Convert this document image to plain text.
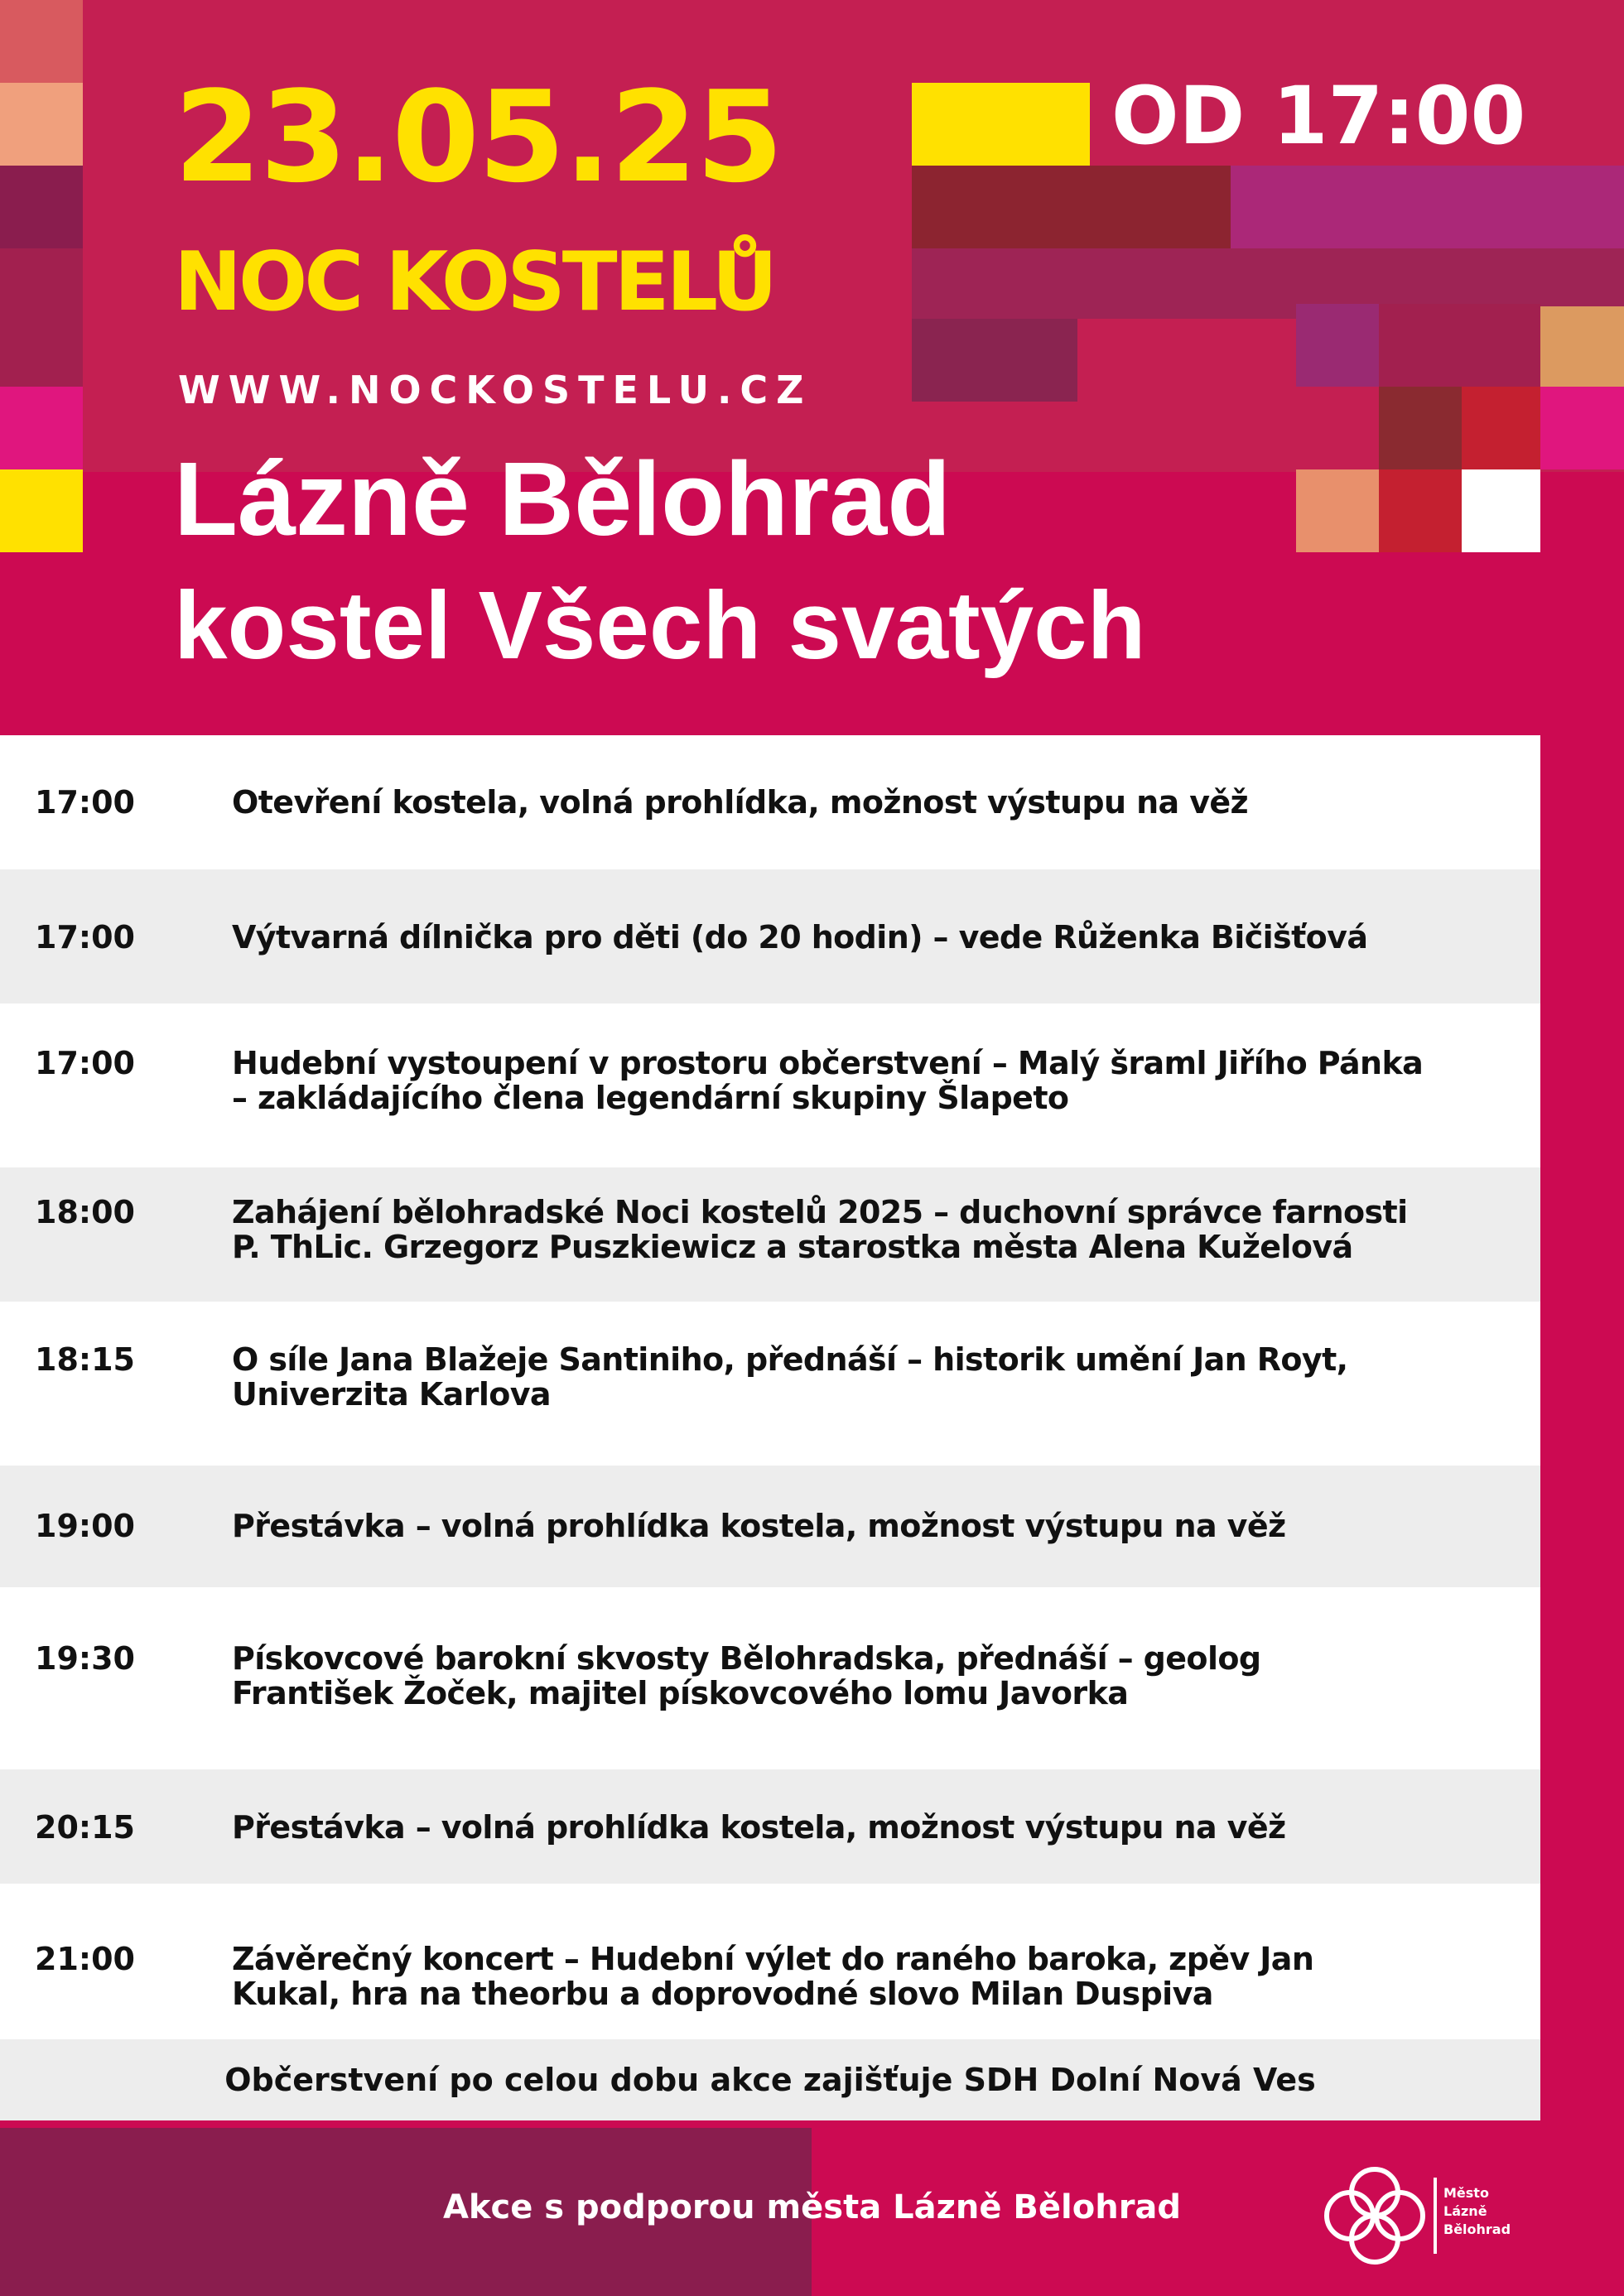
23.05.25
NOC KOSTELŮ
WWW.NOCKOSTELU.CZ
OD 17:00
Lázně Bělohrad
kostel Všech svatých
17:00	Otevření kostela, volná prohlídka, možnost výstupu na věž
17:00	Výtvarná dílnička pro děti (do 20 hodin) – vede Růženka Bičišťová
17:00	Hudební vystoupení v prostoru občerstvení – Malý šraml Jiřího Pánka
– zakládajícího člena legendární skupiny Šlapeto
18:00	Zahájení bělohradské Noci kostelů 2025 – duchovní správce farnosti
P. ThLic. Grzegorz Puszkiewicz a starostka města Alena Kuželová
18:15	O síle Jana Blažeje Santiniho, přednáší – historik umění Jan Royt,
Univerzita Karlova
19:00	Přestávka – volná prohlídka kostela, možnost výstupu na věž
19:30	Pískovcové barokní skvosty Bělohradska, přednáší – geolog
František Žoček, majitel pískovcového lomu Javorka
20:15	Přestávka – volná prohlídka kostela, možnost výstupu na věž
21:00	Závěrečný koncert – Hudební výlet do raného baroka, zpěv Jan
Kukal, hra na theorbu a doprovodné slovo Milan Duspiva
Občerstvení po celou dobu akce zajišťuje SDH Dolní Nová Ves
Akce s podporou města Lázně Bělohrad	Město
Lázně
Bělohrad
